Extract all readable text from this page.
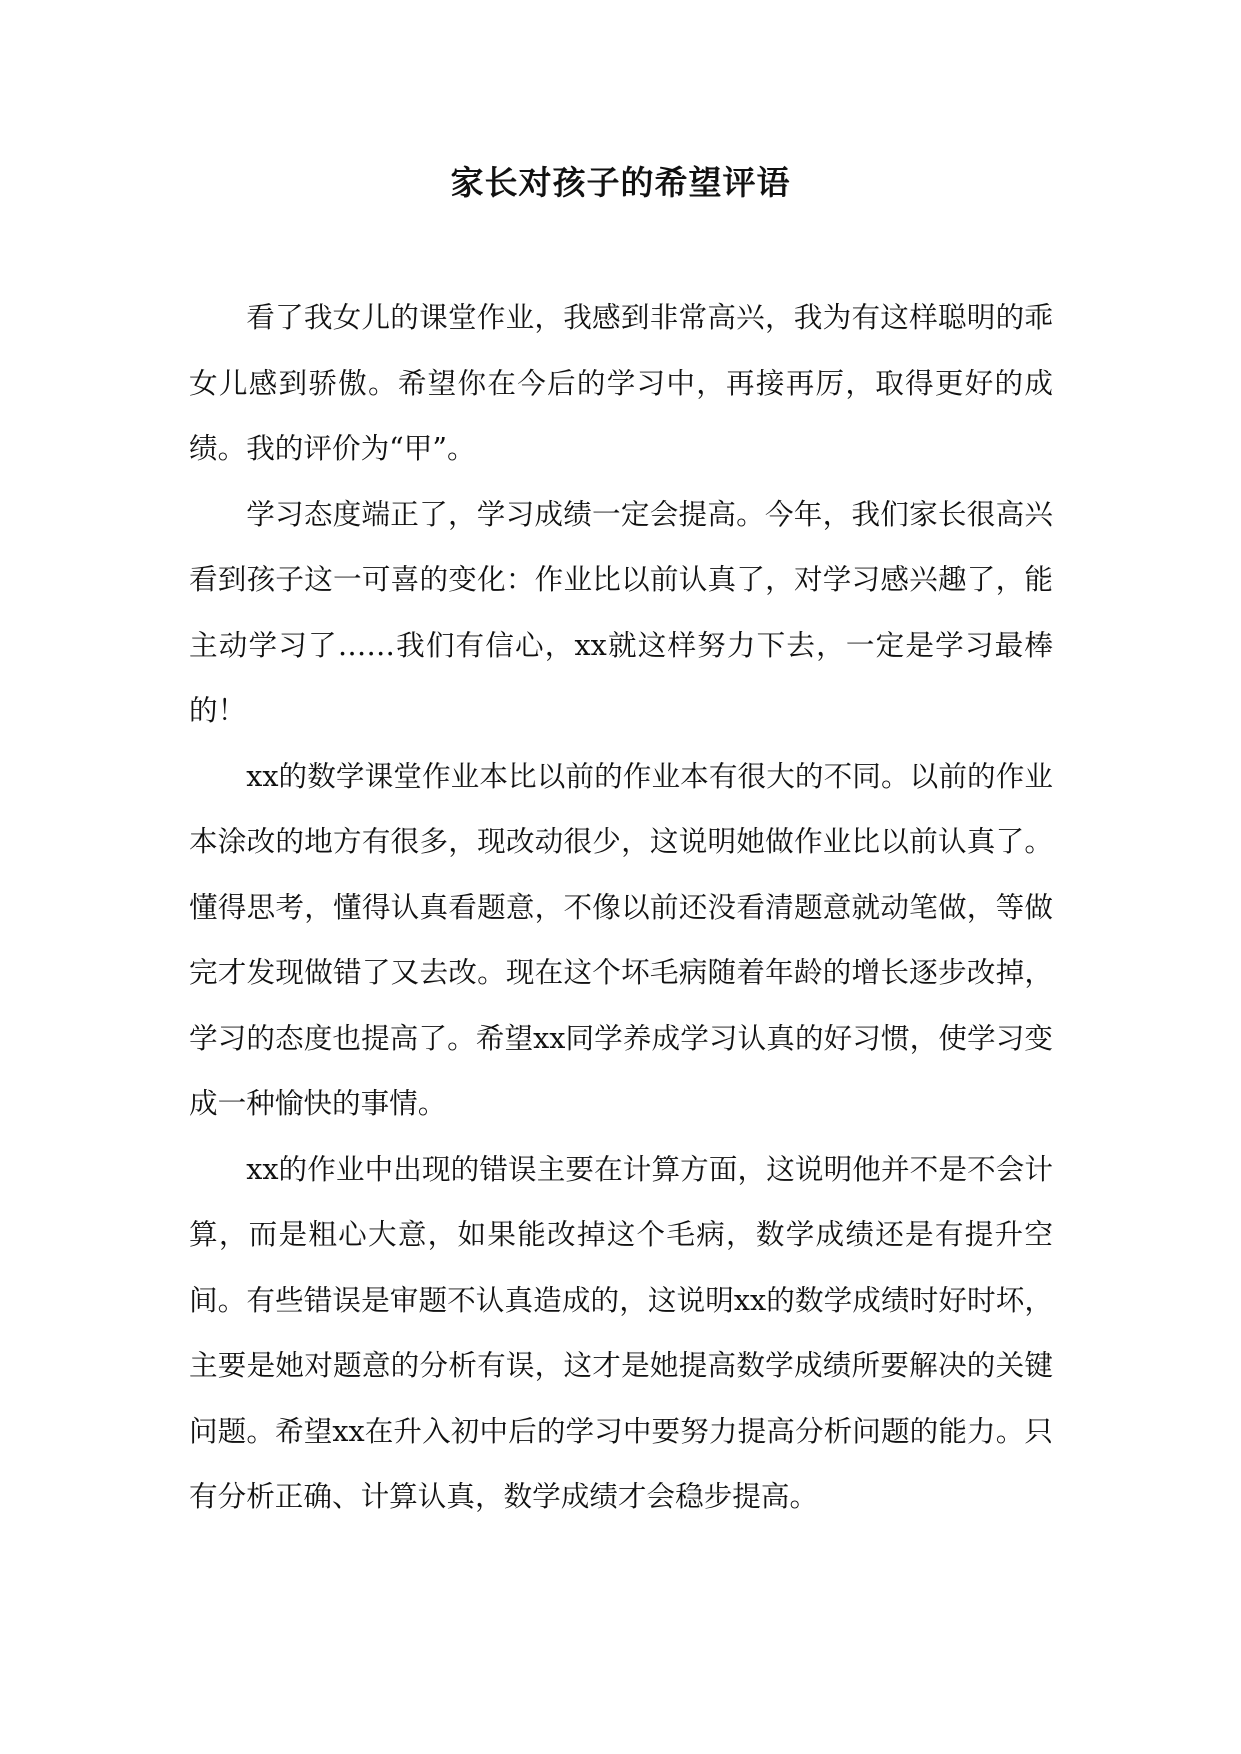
家长对孩子的希望评语

看了我女儿的课堂作业，我感到非常高兴，我为有这样聪明的乖女儿感到骄傲。希望你在今后的学习中，再接再厉，取得更好的成绩。我的评价为“甲”。

学习态度端正了，学习成绩一定会提高。今年，我们家长很高兴看到孩子这一可喜的变化：作业比以前认真了，对学习感兴趣了，能主动学习了……我们有信心，xx就这样努力下去，一定是学习最棒的！

xx的数学课堂作业本比以前的作业本有很大的不同。以前的作业本涂改的地方有很多，现改动很少，这说明她做作业比以前认真了。懂得思考，懂得认真看题意，不像以前还没看清题意就动笔做，等做完才发现做错了又去改。现在这个坏毛病随着年龄的增长逐步改掉，学习的态度也提高了。希望xx同学养成学习认真的好习惯，使学习变成一种愉快的事情。

xx的作业中出现的错误主要在计算方面，这说明他并不是不会计算，而是粗心大意，如果能改掉这个毛病，数学成绩还是有提升空间。有些错误是审题不认真造成的，这说明xx的数学成绩时好时坏，主要是她对题意的分析有误，这才是她提高数学成绩所要解决的关键问题。希望xx在升入初中后的学习中要努力提高分析问题的能力。只有分析正确、计算认真，数学成绩才会稳步提高。
